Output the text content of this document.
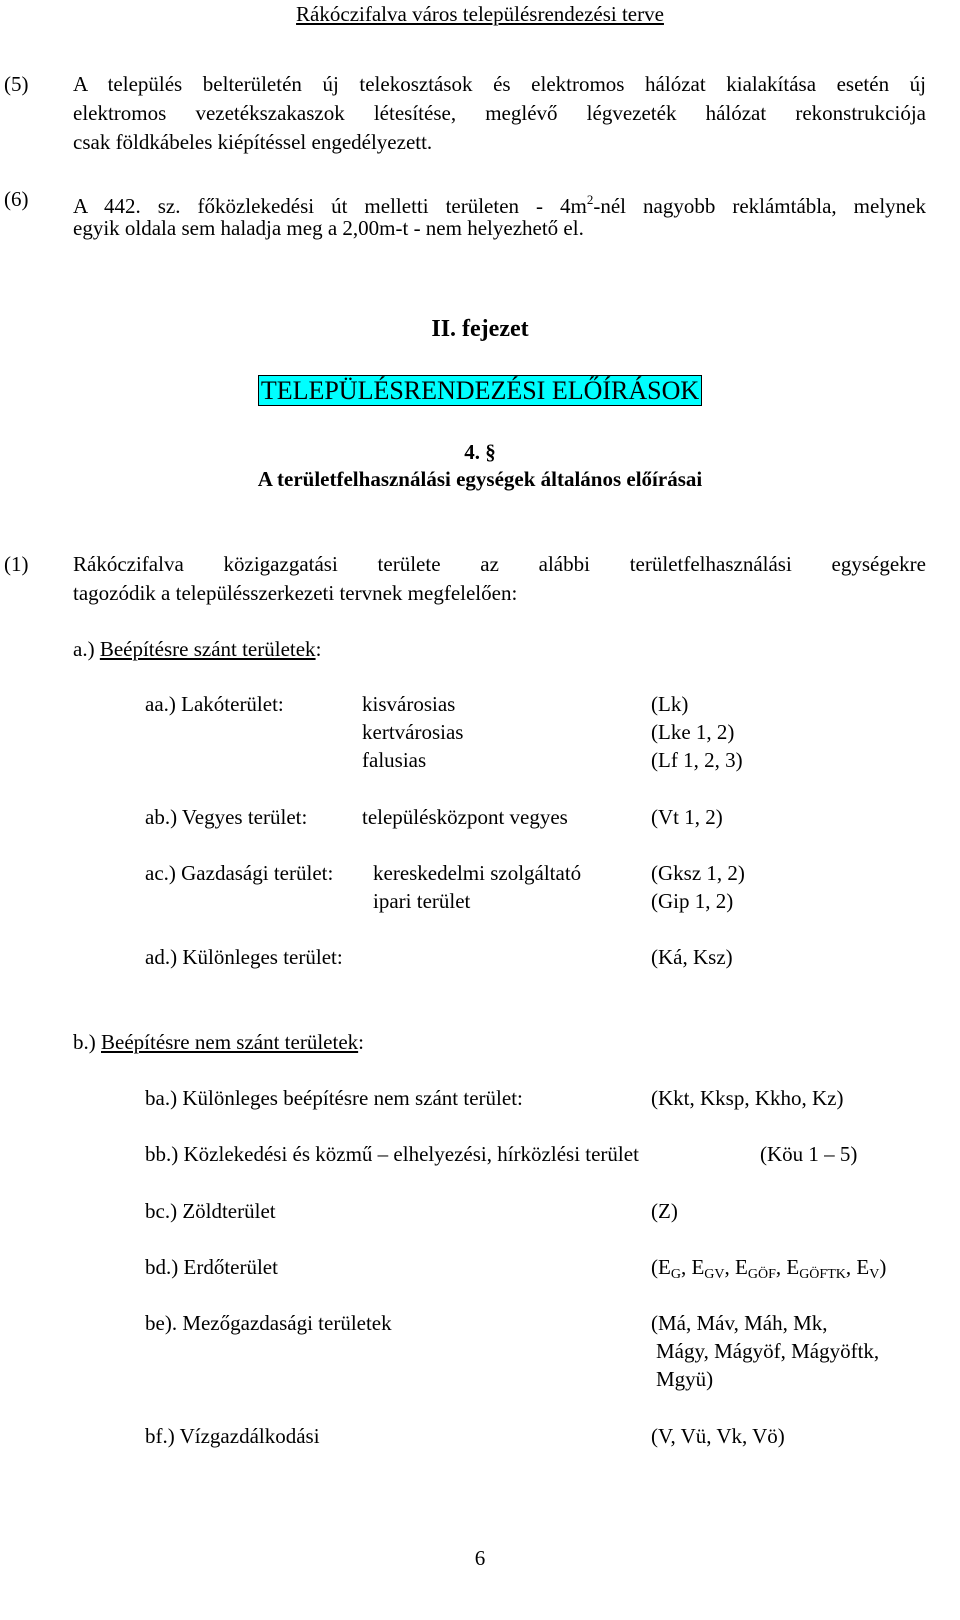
Rákóczifalva város településrendezési terve
(5) A település belterületén új telekosztások és elektromos hálózat kialakítása esetén új
elektromos vezetékszakaszok létesítése, meglévő légvezeték hálózat rekonstrukciója
csak földkábeles kiépítéssel engedélyezett.
(6) A 442. sz. főközlekedési út melletti területen - $4m^2$-nél nagyobb reklámtábla, melynek
egyik oldala sem haladja meg a 2,00m-t - nem helyezhető el.
II. fejezet
TELEPÜLÉSRENDEZÉSI ELŐÍRÁSOK
4. §
A területfelhasználási egységek általános előírásai
(1) Rákóczifalva közigazgatási területe az alábbi területfelhasználási egységekre
tagozódik a településszerkezeti tervnek megfelelően:
a.) Beépítésre szánt területek:
aa.) Lakóterület:	kisvárosias	(Lk)
kertvárosias	(Lke 1, 2)
falusias	(Lf 1, 2, 3)
ab.) Vegyes terület:	településközpont vegyes	(Vt 1, 2)
ac.) Gazdasági terület: kereskedelmi szolgáltató	(Gksz 1, 2)
ipari terület	(Gip 1, 2)
ad.) Különleges terület:	(Ká, Ksz)
b.) Beépítésre nem szánt területek:
ba.) Különleges beépítésre nem szánt terület:	(Kkt, Kksp, Kkho, Kz)
bb.) Közlekedési és közmű – elhelyezési, hírközlési terület	(Köu 1 – 5)
bc.) Zöldterület	(Z)
bd.) Erdőterület	($E_G$, $E_{GV}$, $E_{GÖF}$, $E_{GÖFTK}$, $E_V$)
be). Mezőgazdasági területek	(Má, Máv, Máh, Mk,
Mágy, Mágyöf, Mágyöftk,
Mgyü)
bf.) Vízgazdálkodási	(V, Vü, Vk, Vö)
6
